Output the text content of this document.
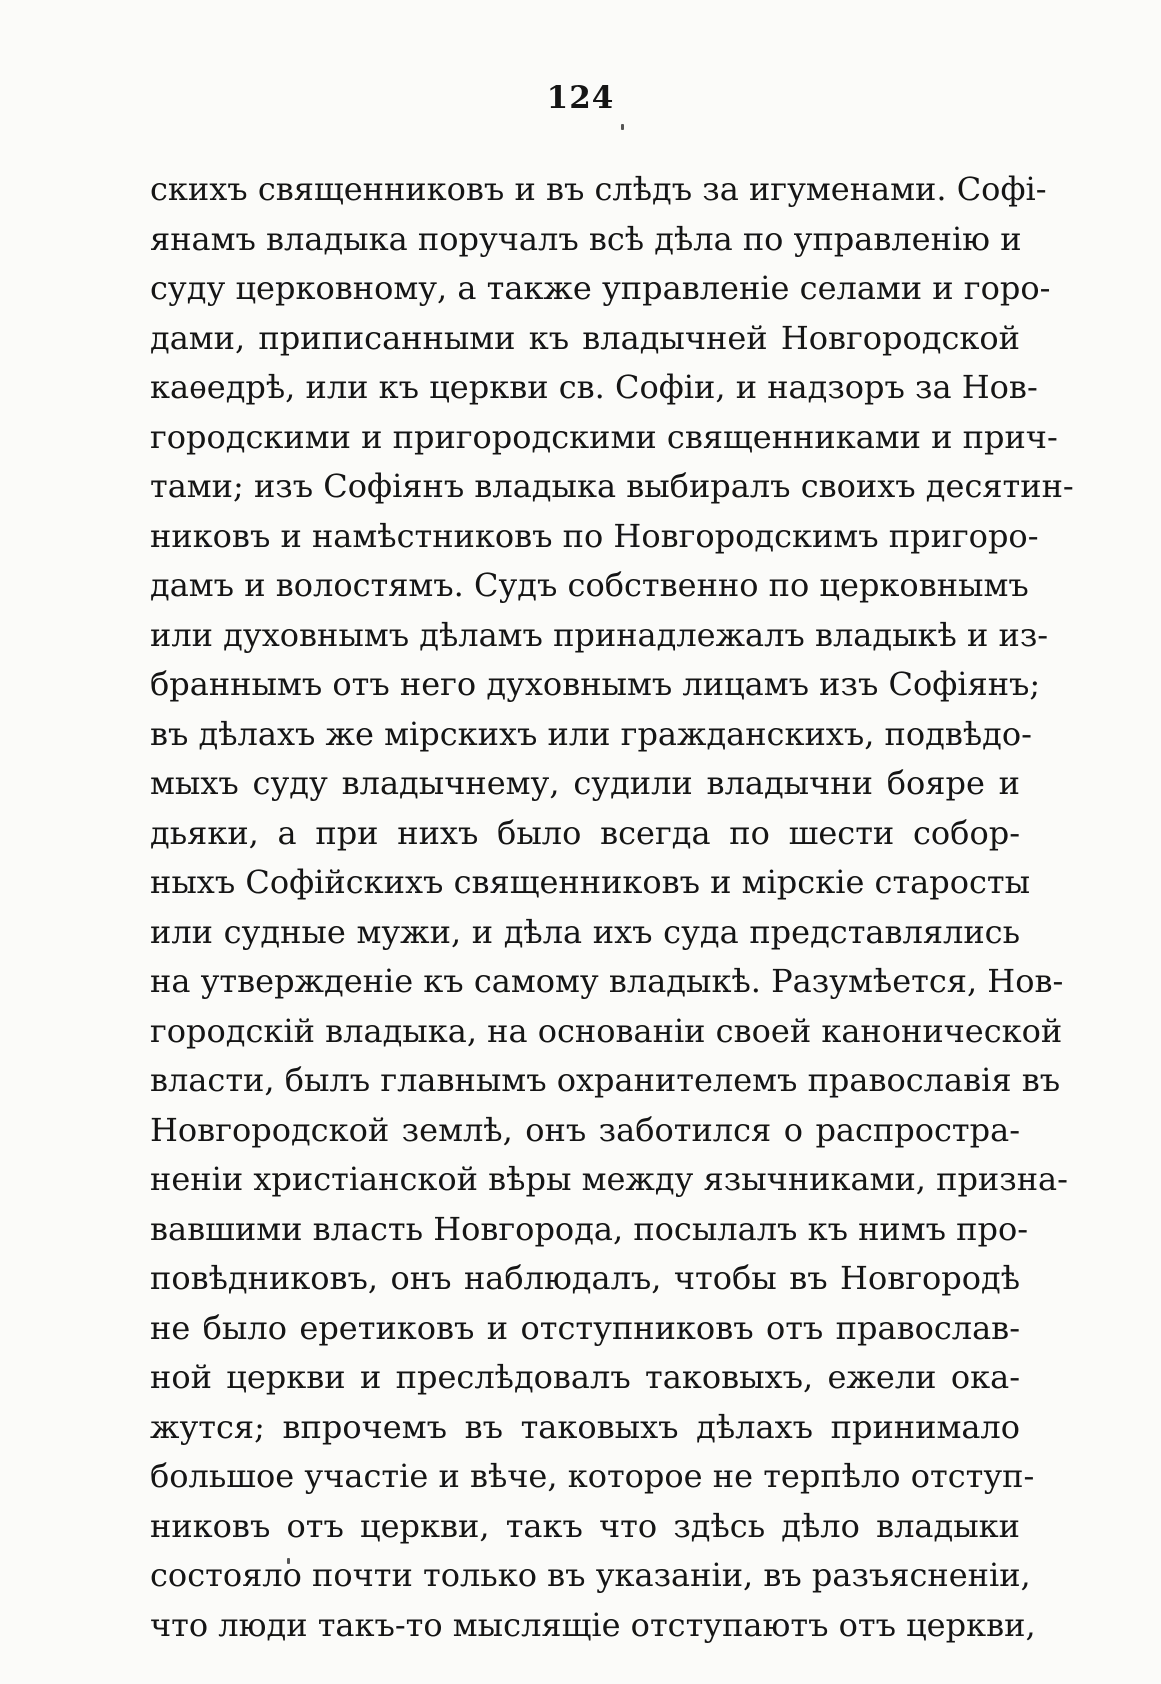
124
скихъ священниковъ и въ слѣдъ за игуменами. Софі-
янамъ владыка поручалъ всѣ дѣла по управленію и
суду церковному, а также управленіе селами и горо-
дами, приписанными къ владычней Новгородской
каѳедрѣ, или къ церкви св. Софіи, и надзоръ за Нов-
городскими и пригородскими священниками и прич-
тами; изъ Софіянъ владыка выбиралъ своихъ десятин-
никовъ и намѣстниковъ по Новгородскимъ пригоро-
дамъ и волостямъ. Судъ собственно по церковнымъ
или духовнымъ дѣламъ принадлежалъ владыкѣ и из-
браннымъ отъ него духовнымъ лицамъ изъ Софіянъ;
въ дѣлахъ же мірскихъ или гражданскихъ, подвѣдо-
мыхъ суду владычнему, судили владычни бояре и
дьяки, а при нихъ было всегда по шести собор-
ныхъ Софійскихъ священниковъ и мірскіе старосты
или судные мужи, и дѣла ихъ суда представлялись
на утвержденіе къ самому владыкѣ. Разумѣется, Нов-
городскій владыка, на основаніи своей канонической
власти, былъ главнымъ охранителемъ православія въ
Новгородской землѣ, онъ заботился о распростра-
неніи христіанской вѣры между язычниками, призна-
вавшими власть Новгорода, посылалъ къ нимъ про-
повѣдниковъ, онъ наблюдалъ, чтобы въ Новгородѣ
не было еретиковъ и отступниковъ отъ православ-
ной церкви и преслѣдовалъ таковыхъ, ежели ока-
жутся; впрочемъ въ таковыхъ дѣлахъ принимало
большое участіе и вѣче, которое не терпѣло отступ-
никовъ отъ церкви, такъ что здѣсь дѣло владыки
состояло почти только въ указаніи, въ разъясненіи,
что люди такъ-то мыслящіе отступаютъ отъ церкви,
